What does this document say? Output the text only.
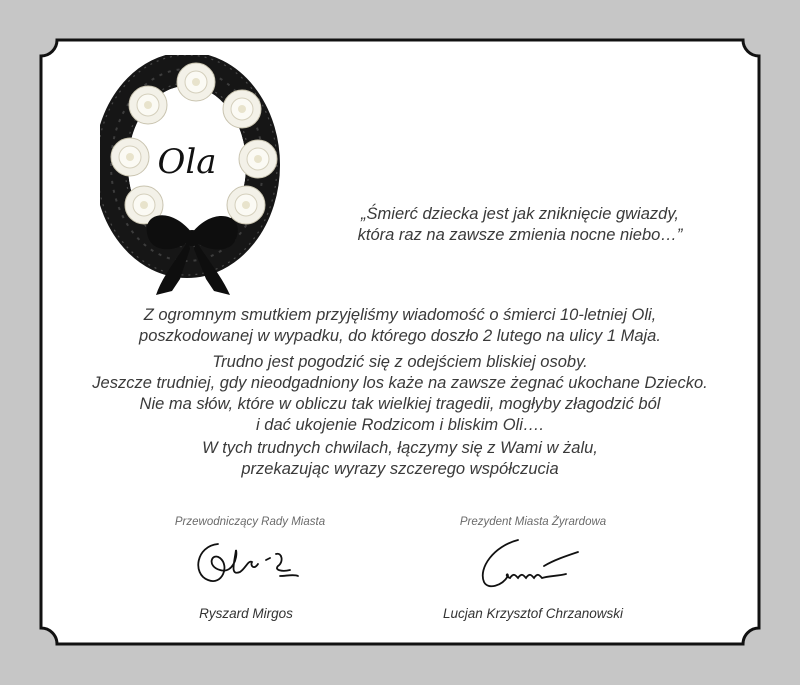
Ola

„Śmierć dziecka jest jak zniknięcie gwiazdy,

która raz na zawsze zmienia nocne niebo…”

Z ogromnym smutkiem przyjęliśmy wiadomość o śmierci 10-letniej Oli,
poszkodowanej w wypadku, do którego doszło 2 lutego na ulicy 1 Maja.
Trudno jest pogodzić się z odejściem bliskiej osoby.
Jeszcze trudniej, gdy nieodgadniony los każe na zawsze żegnać ukochane Dziecko.
Nie ma słów, które w obliczu tak wielkiej tragedii, mogłyby złagodzić ból
i dać ukojenie Rodzicom i bliskim Oli….
W tych trudnych chwilach, łączymy się z Wami w żalu,
przekazując wyrazy szczerego współczucia

Przewodniczący Rady Miasta

Ryszard Mirgos

Prezydent Miasta Żyrardowa

Lucjan Krzysztof Chrzanowski
